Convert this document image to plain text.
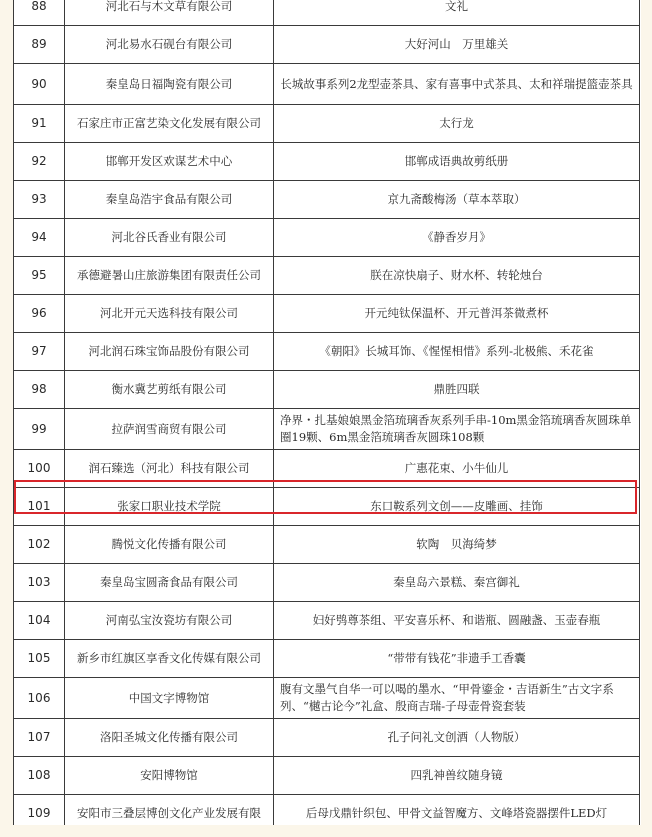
88	河北石与木文草有限公司	文礼
89	河北易水石砚台有限公司	大好河山　万里雄关
90	秦皇岛日福陶瓷有限公司	长城故事系列2龙型壶茶具、家有喜事中式茶具、太和祥瑞提篮壶茶具
91	石家庄市正富艺染文化发展有限公司	太行龙
92	邯郸开发区欢谋艺术中心	邯郸成语典故剪纸册
93	秦皇岛浩宇食品有限公司	京九斋酸梅汤（草本萃取）
94	河北谷氏香业有限公司	《静香岁月》
95	承德避暑山庄旅游集团有限责任公司	朕在凉快扇子、财水杯、转轮烛台
96	河北开元天选科技有限公司	开元纯钛保温杯、开元普洱茶微煮杯
97	河北润石珠宝饰品股份有限公司	《朝阳》长城耳饰、《惺惺相惜》系列-北极熊、禾花雀
98	衡水冀艺剪纸有限公司	鼎胜四联
99	拉萨润雪商贸有限公司	净界・扎基娘娘黑金箔琉璃香灰系列手串-10m黑金箔琉璃香灰圆珠单圈19颗、6m黑金箔琉璃香灰圆珠108颗
100	润石臻选（河北）科技有限公司	广惠花束、小牛仙儿
101	张家口职业技术学院	东口鞍系列文创——皮雕画、挂饰
102	腾悦文化传播有限公司	软陶　贝海绮梦
103	秦皇岛宝圆斋食品有限公司	秦皇岛六景糕、秦宫御礼
104	河南弘宝汝瓷坊有限公司	妇好鸮尊茶组、平安喜乐杯、和谐瓶、圆融盏、玉壶春瓶
105	新乡市红旗区享香文化传媒有限公司	“带带有钱花”非遗手工香囊
106	中国文字博物馆	腹有文墨气自华一可以喝的墨水、“甲骨鎏金・吉语新生”古文字系列、“樾古论今”礼盒、殷商吉瑞-子母壶骨瓷套装
107	洛阳圣城文化传播有限公司	孔子问礼文创酒（人物版）
108	安阳博物馆	四乳神兽纹随身镜
109	安阳市三叠层博创文化产业发展有限	后母戊鼎针织包、甲骨文益智魔方、文峰塔瓷器摆件LED灯
